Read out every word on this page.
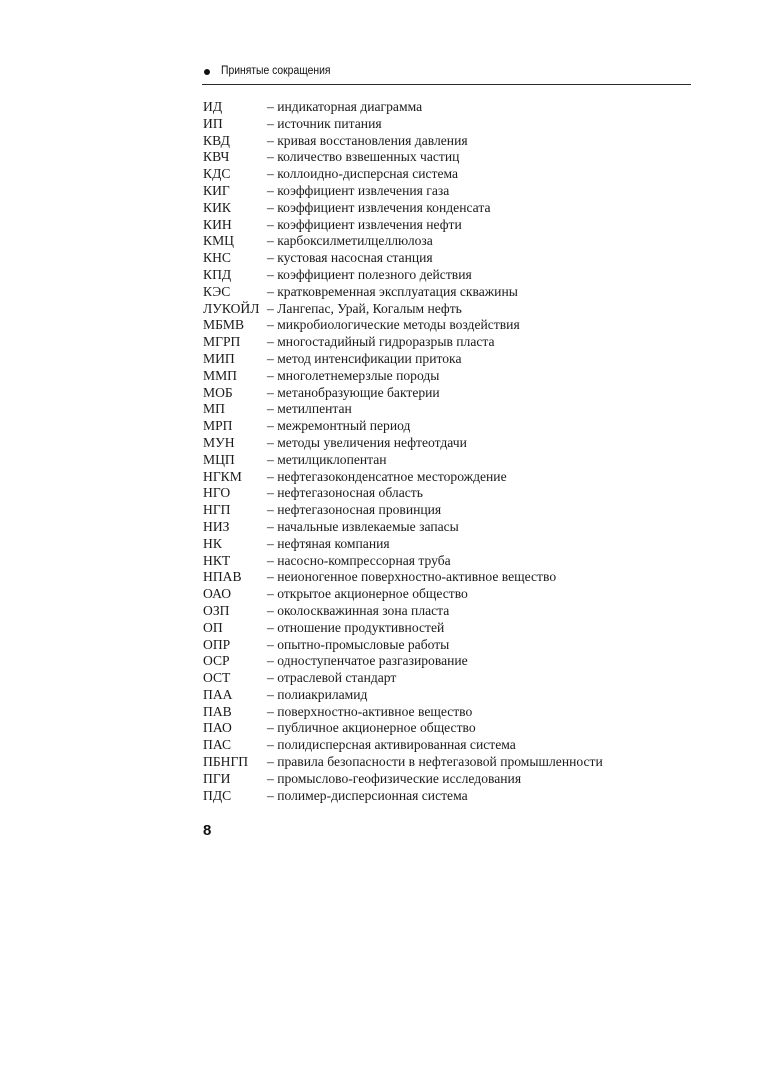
Принятые сокращения
ИД	– индикаторная диаграмма
ИП	– источник питания
КВД	– кривая восстановления давления
КВЧ	– количество взвешенных частиц
КДС	– коллоидно-дисперсная система
КИГ	– коэффициент извлечения газа
КИК	– коэффициент извлечения конденсата
КИН	– коэффициент извлечения нефти
КМЦ – карбоксилметилцеллюлоза
КНС	– кустовая насосная станция
КПД	– коэффициент полезного действия
КЭС	– кратковременная эксплуатация скважины
ЛУКОЙЛ – Лангепас, Урай, Когалым нефть
МБМВ – микробиологические методы воздействия
МГРП – многостадийный гидроразрыв пласта
МИП – метод интенсификации притока
ММП – многолетнемерзлые породы
МОБ	– метанобразующие бактерии
МП	– метилпентан
МРП	– межремонтный период
МУН – методы увеличения нефтеотдачи
МЦП – метилциклопентан
НГКМ – нефтегазоконденсатное месторождение
НГО	– нефтегазоносная область
НГП	– нефтегазоносная провинция
НИЗ	– начальные извлекаемые запасы
НК	– нефтяная компания
НКТ	– насосно-компрессорная труба
НПАВ – неионогенное поверхностно-активное вещество
ОАО	– открытое акционерное общество
ОЗП	– околоскважинная зона пласта
ОП	– отношение продуктивностей
ОПР	– опытно-промысловые работы
ОСР	– одноступенчатое разгазирование
ОСТ	– отраслевой стандарт
ПАА	– полиакриламид
ПАВ	– поверхностно-активное вещество
ПАО	– публичное акционерное общество
ПАС	– полидисперсная активированная система
ПБНГП – правила безопасности в нефтегазовой промышленности
ПГИ	– промыслово-геофизические исследования
ПДС	– полимер-дисперсионная система
8
